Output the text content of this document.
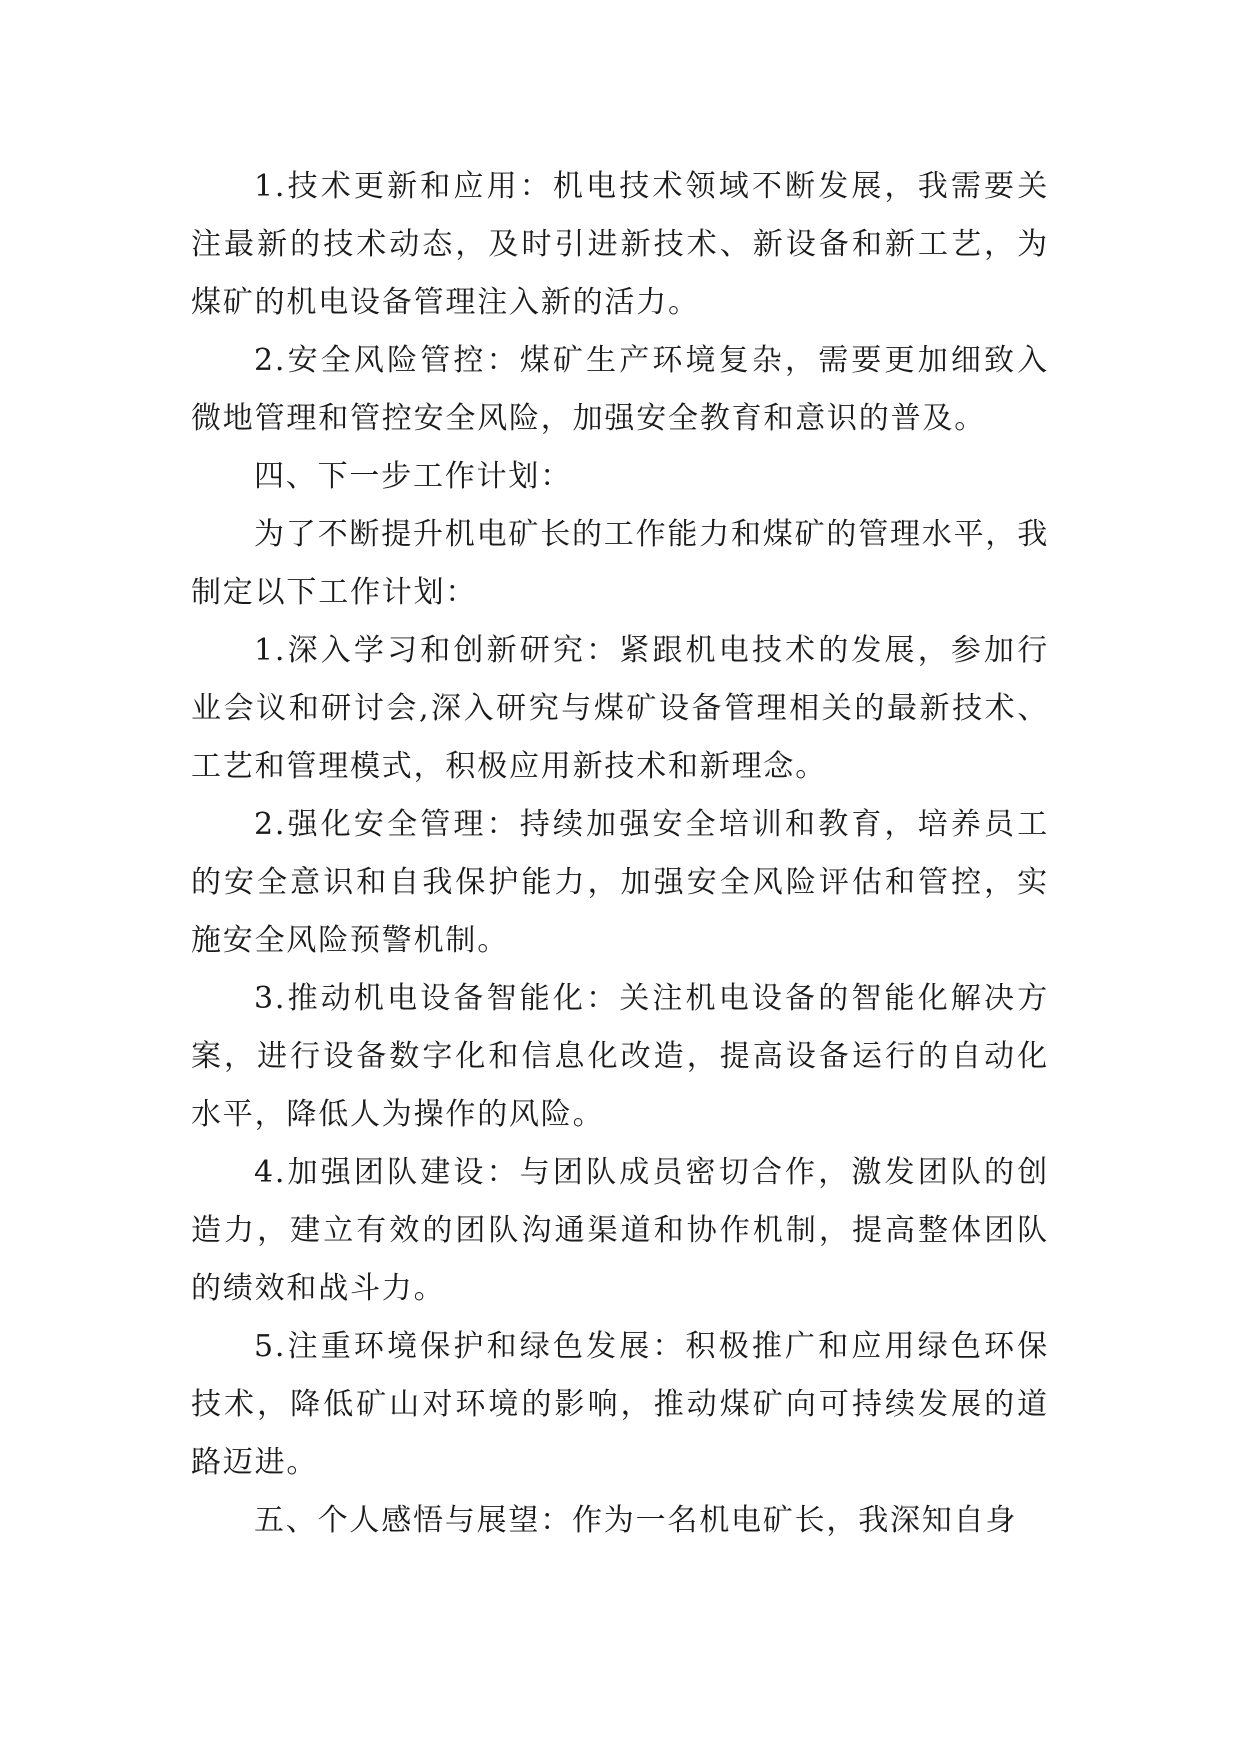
1.技术更新和应用：机电技术领域不断发展，我需要关注最新的技术动态，及时引进新技术、新设备和新工艺，为煤矿的机电设备管理注入新的活力。

2.安全风险管控：煤矿生产环境复杂，需要更加细致入微地管理和管控安全风险，加强安全教育和意识的普及。

四、下一步工作计划：

为了不断提升机电矿长的工作能力和煤矿的管理水平，我制定以下工作计划：

1.深入学习和创新研究：紧跟机电技术的发展，参加行业会议和研讨会,深入研究与煤矿设备管理相关的最新技术、工艺和管理模式，积极应用新技术和新理念。

2.强化安全管理：持续加强安全培训和教育，培养员工的安全意识和自我保护能力，加强安全风险评估和管控，实施安全风险预警机制。

3.推动机电设备智能化：关注机电设备的智能化解决方案，进行设备数字化和信息化改造，提高设备运行的自动化水平，降低人为操作的风险。

4.加强团队建设：与团队成员密切合作，激发团队的创造力，建立有效的团队沟通渠道和协作机制，提高整体团队的绩效和战斗力。

5.注重环境保护和绿色发展：积极推广和应用绿色环保技术，降低矿山对环境的影响，推动煤矿向可持续发展的道路迈进。

五、个人感悟与展望：作为一名机电矿长，我深知自身
